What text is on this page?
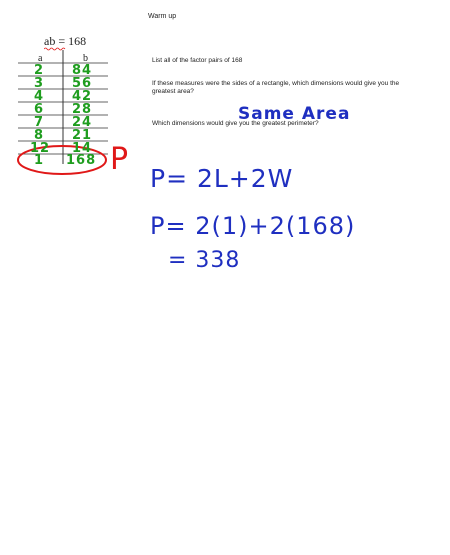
Warm up
ab = 168
a	b
2 84
3 56
4 42
6 28
7 24
8 21
12 14
1 168 P
List all of the factor pairs of 168
If these measures were the sides of a rectangle, which dimensions would give you the greatest area?
Which dimensions would give you the greatest perimeter?
Same Area
P= 2L+2W
P= 2(1)+2(168)
= 338
